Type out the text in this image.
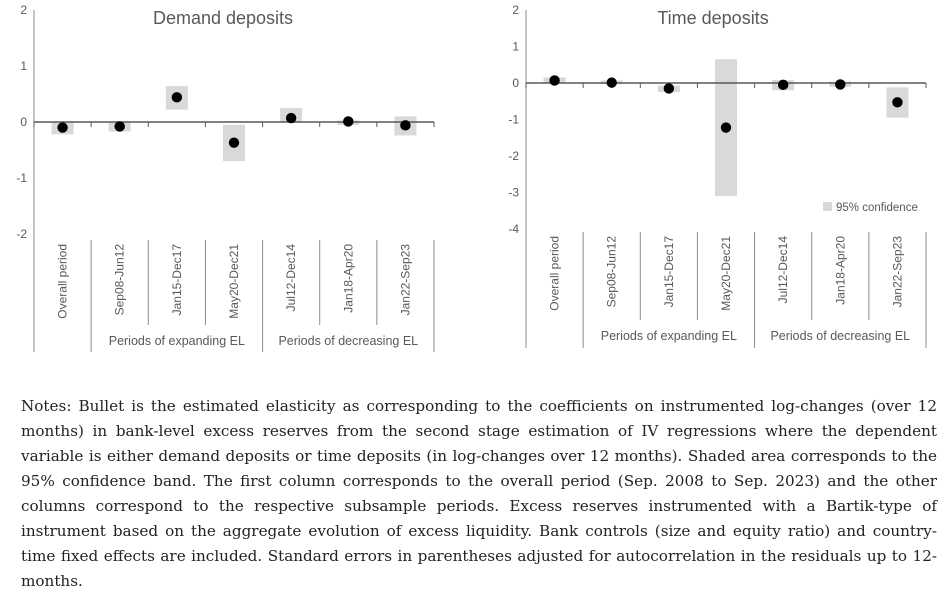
Demand deposits
-2
-1
0
1
2
Overall period	Sep08-Jun12	Jan15-Dec17	May20-Dec21	Jul12-Dec14	Jan18-Apr20	Jan22-Sep23
Periods of expanding EL	Periods of decreasing EL
Time deposits
-4
-3
-2
-1
0
1
2
Overall period	Sep08-Jun12	Jan15-Dec17	May20-Dec21	Jul12-Dec14	Jan18-Apr20	Jan22-Sep23
Periods of expanding EL	Periods of decreasing EL
95% confidence

Notes: Bullet is the estimated elasticity as corresponding to the coefficients on instrumented log-changes (over 12 months) in bank-level excess reserves from the second stage estimation of IV regressions where the dependent variable is either demand deposits or time deposits (in log-changes over 12 months). Shaded area corresponds to the 95% confidence band. The first column corresponds to the overall period (Sep. 2008 to Sep. 2023) and the other columns correspond to the respective subsample periods. Excess reserves instrumented with a Bartik-type of instrument based on the aggregate evolution of excess liquidity. Bank controls (size and equity ratio) and country-time fixed effects are included. Standard errors in parentheses adjusted for autocorrelation in the residuals up to 12-months.
